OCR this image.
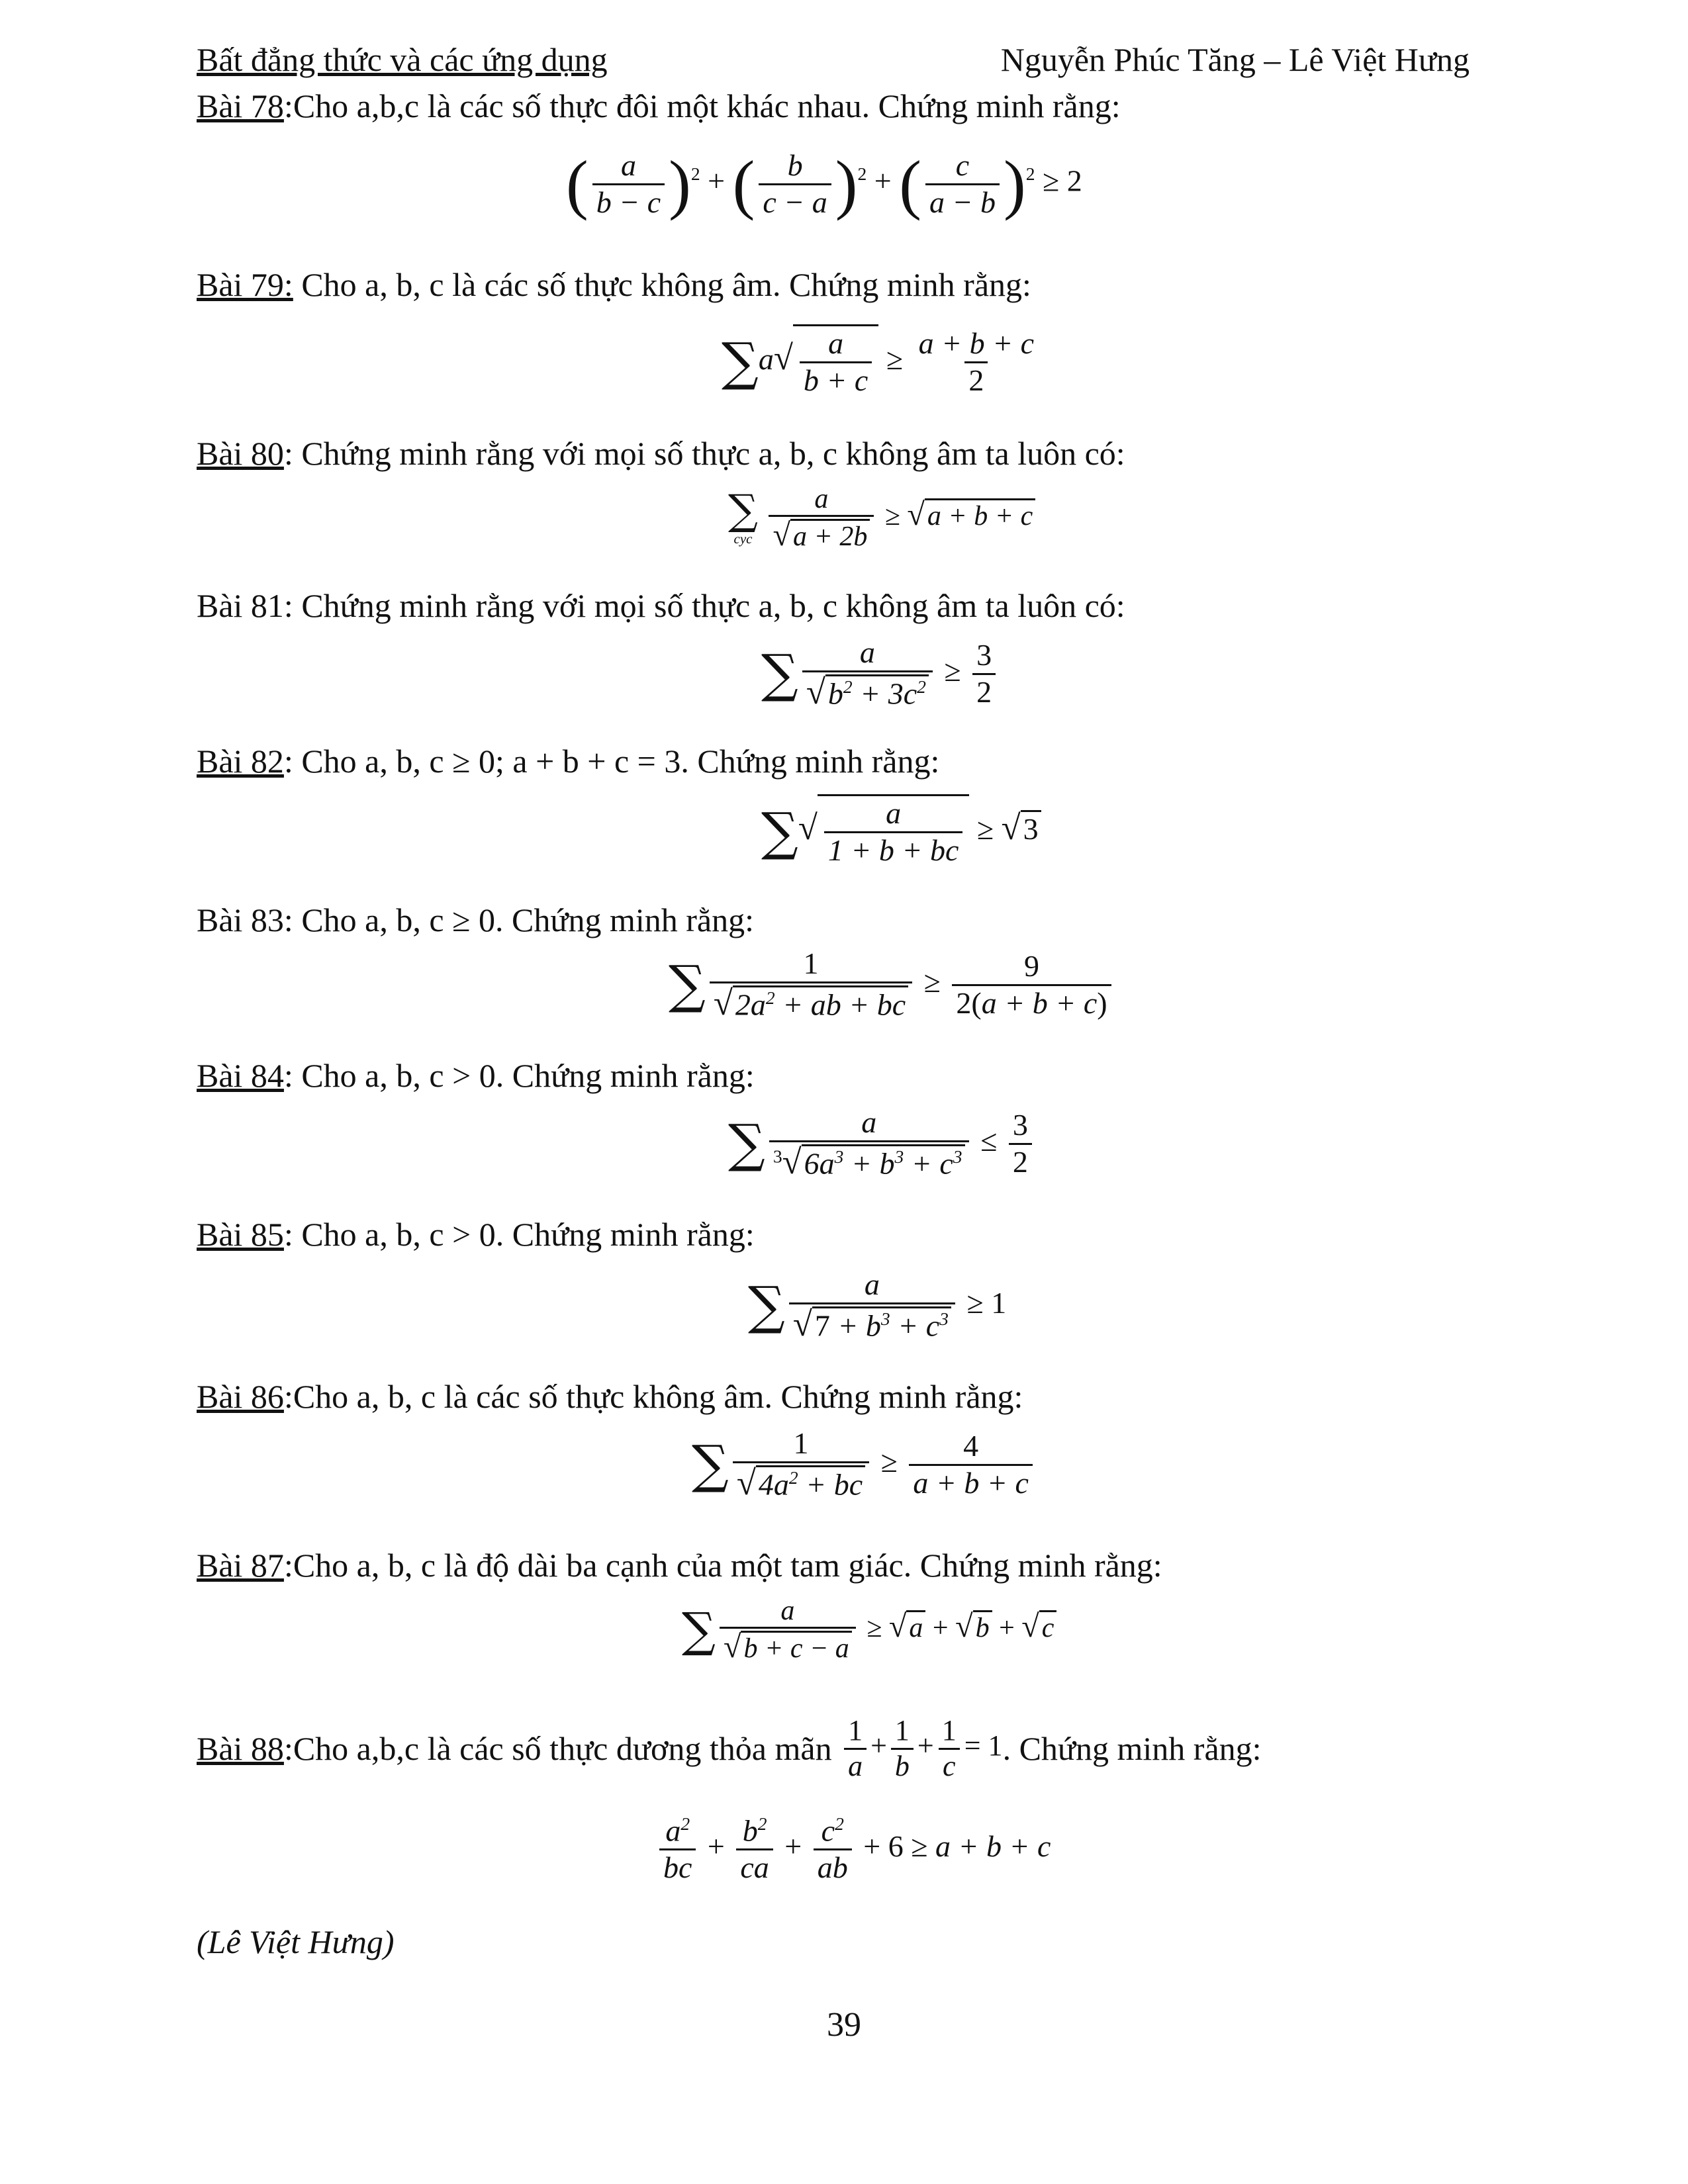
Bất đẳng thức và các ứng dụng	Nguyễn Phúc Tăng – Lê Việt Hưng
Bài 78:Cho a,b,c là các số thực đôi một khác nhau. Chứng minh rằng:
( $\frac{a}{b - c} )^2$ + ( $\frac{b}{c - a} )^2$ + ( $\frac{c}{a - b} )^2 \ge 2$
Bài 79: Cho a, b, c là các số thực không âm. Chứng minh rằng:
$\sum a√ \frac{a}{b + c} \ge \frac{a + b + c}{2}$
Bài 80: Chứng minh rằng với mọi số thực a, b, c không âm ta luôn có:
∑
cyc
$\frac{a}{√a + 2b} \ge √a + b + c$
Bài 81: Chứng minh rằng với mọi số thực a, b, c không âm ta luôn có:
∑ $\frac{a}{√b^2 + 3c^2} \ge \frac{3}{2}$
Bài 82: Cho a, b, c ≥ 0; a + b + c = 3. Chứng minh rằng:
∑√ $\frac{a}{1 + b + bc} \ge √3$
Bài 83: Cho a, b, c ≥ 0. Chứng minh rằng:
∑ $\frac{1}{√2a^2 + ab + bc} \ge \frac{9}{2(a + b + c)}$
Bài 84: Cho a, b, c > 0. Chứng minh rằng:
∑ $\frac{a}{^3√6a^3 + b^3 + c^3} \le \frac{3}{2}$
Bài 85: Cho a, b, c > 0. Chứng minh rằng:
∑ $\frac{a}{√7 + b^3 + c^3} \ge 1$
Bài 86:Cho a, b, c là các số thực không âm. Chứng minh rằng:
∑ $\frac{1}{√4a^2 + bc} \ge \frac{4}{a + b + c}$
Bài 87:Cho a, b, c là độ dài ba cạnh của một tam giác. Chứng minh rằng:
∑ $\frac{a}{√b + c - a} \ge √a + √b + √c$
Bài 88 :Cho a,b,c là các số thực dương thỏa mãn $\frac{1}{a} + \frac{1}{b} + \frac{1}{c} = 1$ . Chứng minh rằng:
$\frac{a^2}{bc} + \frac{b^2}{ca} + \frac{c^2}{ab} + 6 \ge a + b + c$
(Lê Việt Hưng)
39
